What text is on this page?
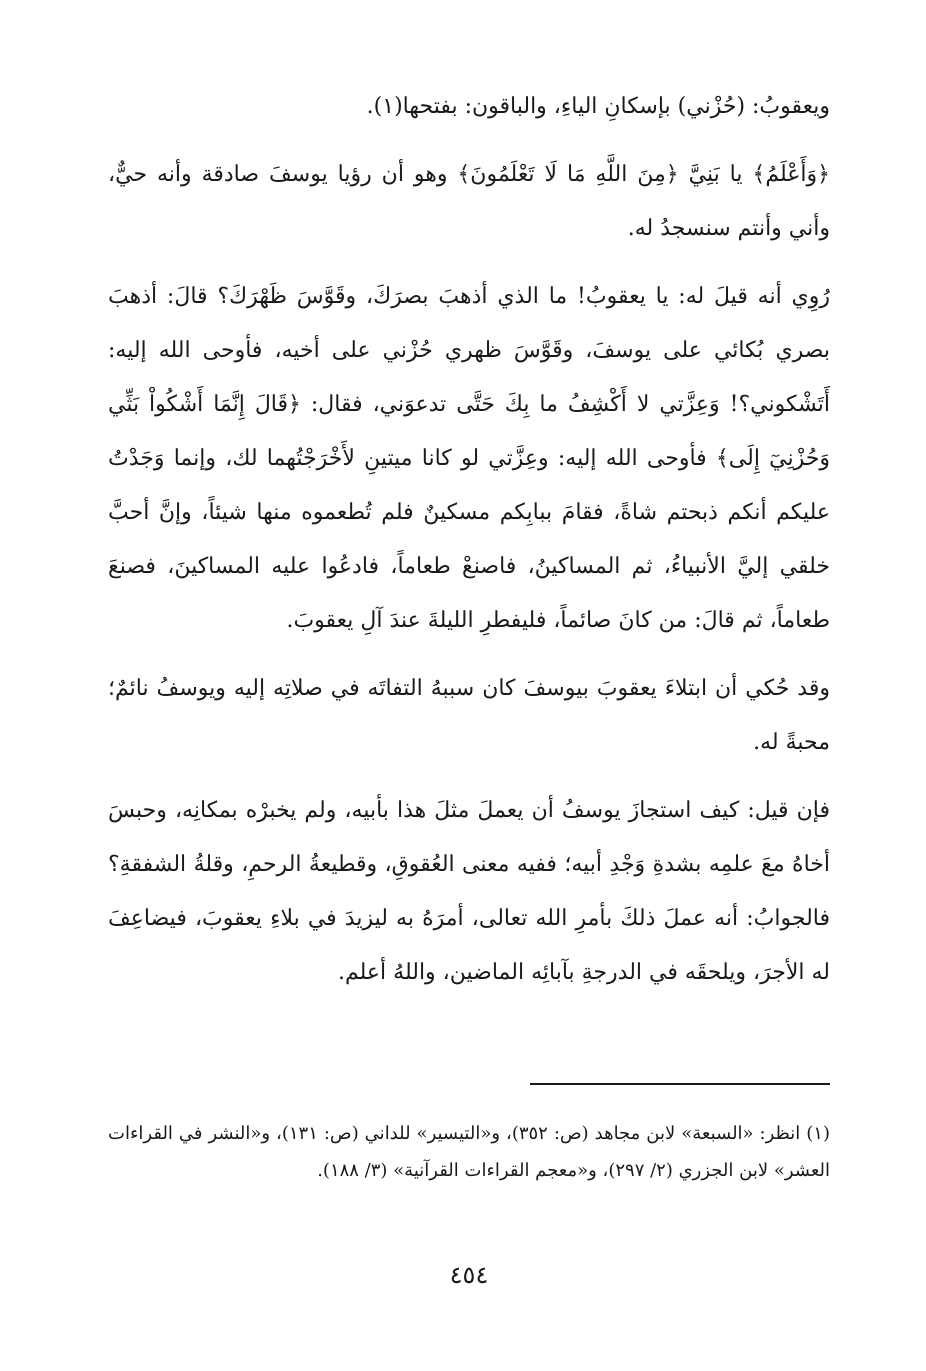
ويعقوبُ: (حُزْني) بإسكانِ الياءِ، والباقون: بفتحها(١).

﴿وَأَعْلَمُ﴾ يا بَنِيَّ ﴿مِنَ اللَّهِ مَا لَا تَعْلَمُونَ﴾ وهو أن رؤيا يوسفَ صادقة وأنه حيٌّ، وأني وأنتم سنسجدُ له.

رُوِي أنه قيلَ له: يا يعقوبُ! ما الذي أذهبَ بصرَكَ، وقَوَّسَ ظَهْرَكَ؟ قالَ: أذهبَ بصري بُكائي على يوسفَ، وقَوَّسَ ظهري حُزْني على أخيه، فأوحى الله إليه: أَتَشْكوني؟! وَعِزَّتي لا أَكْشِفُ ما بِكَ حَتَّى تدعوَني، فقال: ﴿قَالَ إِنَّمَا أَشْكُواْ بَثِّي وَحُزْنِيٓ إِلَى﴾ فأوحى الله إليه: وعِزَّتي لو كانا ميتينِ لأَخْرَجْتُهما لك، وإنما وَجَدْتُ عليكم أنكم ذبحتم شاةً، فقامَ ببابِكم مسكينٌ فلم تُطعموه منها شيئاً، وإنَّ أحبَّ خلقي إليَّ الأنبياءُ، ثم المساكينُ، فاصنعْ طعاماً، فادعُوا عليه المساكينَ، فصنعَ طعاماً، ثم قالَ: من كانَ صائماً، فليفطرِ الليلةَ عندَ آلِ يعقوبَ.

وقد حُكي أن ابتلاءَ يعقوبَ بيوسفَ كان سببهُ التفاتَه في صلاتِه إليه ويوسفُ نائمٌ؛ محبةً له.

فإن قيل: كيف استجازَ يوسفُ أن يعملَ مثلَ هذا بأبيه، ولم يخبرْه بمكانِه، وحبسَ أخاهُ معَ علمِه بشدةِ وَجْدِ أبيه؛ ففيه معنى العُقوقِ، وقطيعةُ الرحمِ، وقلةُ الشفقةِ؟ فالجوابُ: أنه عملَ ذلكَ بأمرِ الله تعالى، أمرَهُ به ليزيدَ في بلاءِ يعقوبَ، فيضاعِفَ له الأجرَ، ويلحقَه في الدرجةِ بآبائِه الماضين، واللهُ أعلم.

(١) انظر: «السبعة» لابن مجاهد (ص: ٣٥٢)، و«التيسير» للداني (ص: ١٣١)، و«النشر في القراءات العشر» لابن الجزري (٢/ ٢٩٧)، و«معجم القراءات القرآنية» (٣/ ١٨٨).

٤٥٤
